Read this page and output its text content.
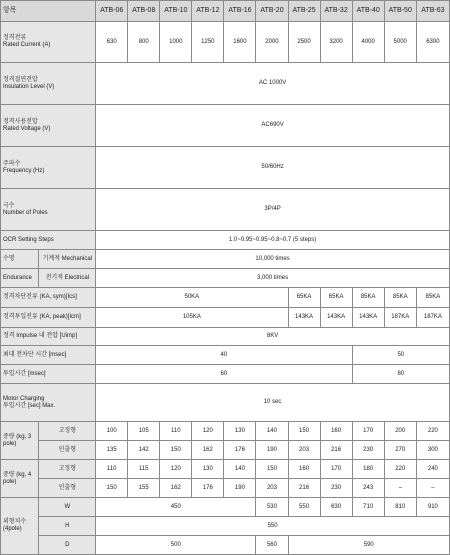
항목		ATB-06	ATB-08	ATB-10	ATB-12	ATB-16	ATB-20	ATB-25	ATB-32	ATB-40	ATB-50	ATB-63

정격전류
Rated Current (A)		630	800	1000	1250	1600	2000	2500	3200	4000	5000	6300

정격절연전압
Insulation Level (V)		AC 1000V										

정격사용전압
Rated Voltage (V)		AC690V										

주파수
Frequency (Hz)		50/60Hz										

극수
Number of Poles		3P/4P										
OCR Setting Steps		1.0~0.95~0.95~0.8~0.7 (5 steps)										
수명	기계적 Mechanical	10,000 times										
Endurance	전기적 Electrical	3,000 times										
정격차단전류 (KA, sym)[Ics]		50KA						65KA	65KA	85KA	85KA	85KA
정격투입전류 (KA, peak)[Icm]		105KA						143KA	143KA	143KA	187KA	187KA
정격 Impulse 내 전압 [Uimp]		8KV										
최대 전차단 시간 [msec]		40								50		
투입시간 [msec]		60								80		

Motor Charging
투입시간 [sec] Max.		10 sec										
중량 (kg, 3 pole)	고정형	100	105	110	120	130	140	150	160	170	200	220
	인출형	135	142	150	162	176	190	203	216	230	270	300
중량 (kg, 4 pole)	고정형	110	115	120	130	140	150	160	170	180	220	240
	인출형	150	155	162	176	190	203	216	230	243	–	–
외형치수 (4pole)	W	450					530	550	630	710	810	910
	H	550										
	D	500					560	590				
